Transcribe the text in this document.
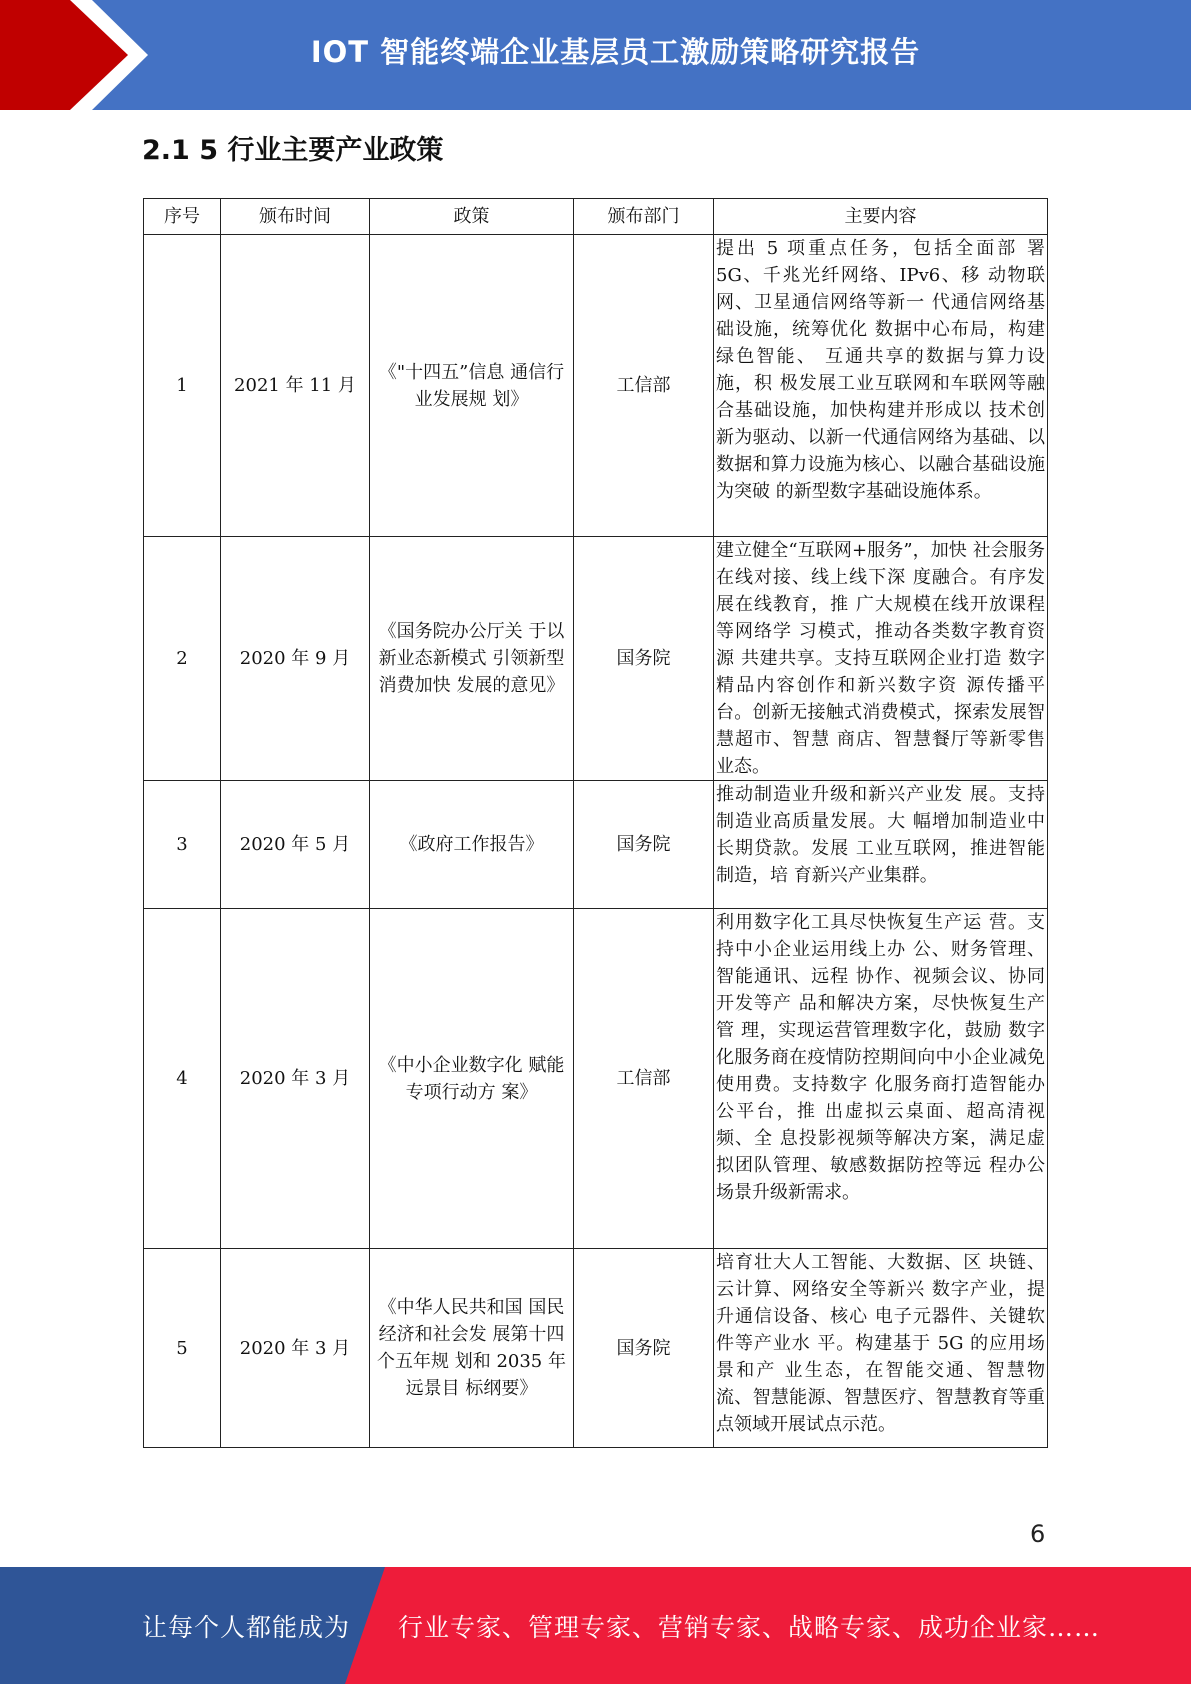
IOT 智能终端企业基层员工激励策略研究报告
2.1 5 行业主要产业政策
序号	颁布时间	政策	颁布部门	主要内容
1	2021 年 11 月	《"十四五”信息 通信行业发展规 划》	工信部	提出 5 项重点任务，包括全面部 署 5G、千兆光纤网络、IPv6、移 动物联网、卫星通信网络等新一 代通信网络基础设施，统筹优化 数据中心布局，构建绿色智能、 互通共享的数据与算力设施，积 极发展工业互联网和车联网等融 合基础设施，加快构建并形成以 技术创新为驱动、以新一代通信网络为基础、以数据和算力设施为核心、以融合基础设施为突破 的新型数字基础设施体系。
2	2020 年 9 月	《国务院办公厅关 于以新业态新模式 引领新型消费加快 发展的意见》	国务院	建立健全“互联网+服务”，加快 社会服务在线对接、线上线下深 度融合。有序发展在线教育，推 广大规模在线开放课程等网络学 习模式，推动各类数字教育资源 共建共享。支持互联网企业打造 数字精品内容创作和新兴数字资 源传播平台。创新无接触式消费模式，探索发展智慧超市、智慧 商店、智慧餐厅等新零售业态。
3	2020 年 5 月	《政府工作报告》	国务院	推动制造业升级和新兴产业发 展。支持制造业高质量发展。大 幅增加制造业中长期贷款。发展 工业互联网，推进智能制造，培 育新兴产业集群。
4	2020 年 3 月	《中小企业数字化 赋能专项行动方 案》	工信部	利用数字化工具尽快恢复生产运 营。支持中小企业运用线上办 公、财务管理、智能通讯、远程 协作、视频会议、协同开发等产 品和解决方案，尽快恢复生产管 理，实现运营管理数字化，鼓励 数字化服务商在疫情防控期间向中小企业减免使用费。支持数字 化服务商打造智能办公平台，推 出虚拟云桌面、超高清视频、全 息投影视频等解决方案，满足虚 拟团队管理、敏感数据防控等远 程办公场景升级新需求。
5	2020 年 3 月	《中华人民共和国 国民经济和社会发 展第十四个五年规 划和 2035 年远景目 标纲要》	国务院	培育壮大人工智能、大数据、区 块链、云计算、网络安全等新兴 数字产业，提升通信设备、核心 电子元器件、关键软件等产业水 平。构建基于 5G 的应用场景和产 业生态，在智能交通、智慧物 流、智慧能源、智慧医疗、智慧教育等重点领域开展试点示范。
6
让每个人都能成为 行业专家、管理专家、营销专家、战略专家、成功企业家……
